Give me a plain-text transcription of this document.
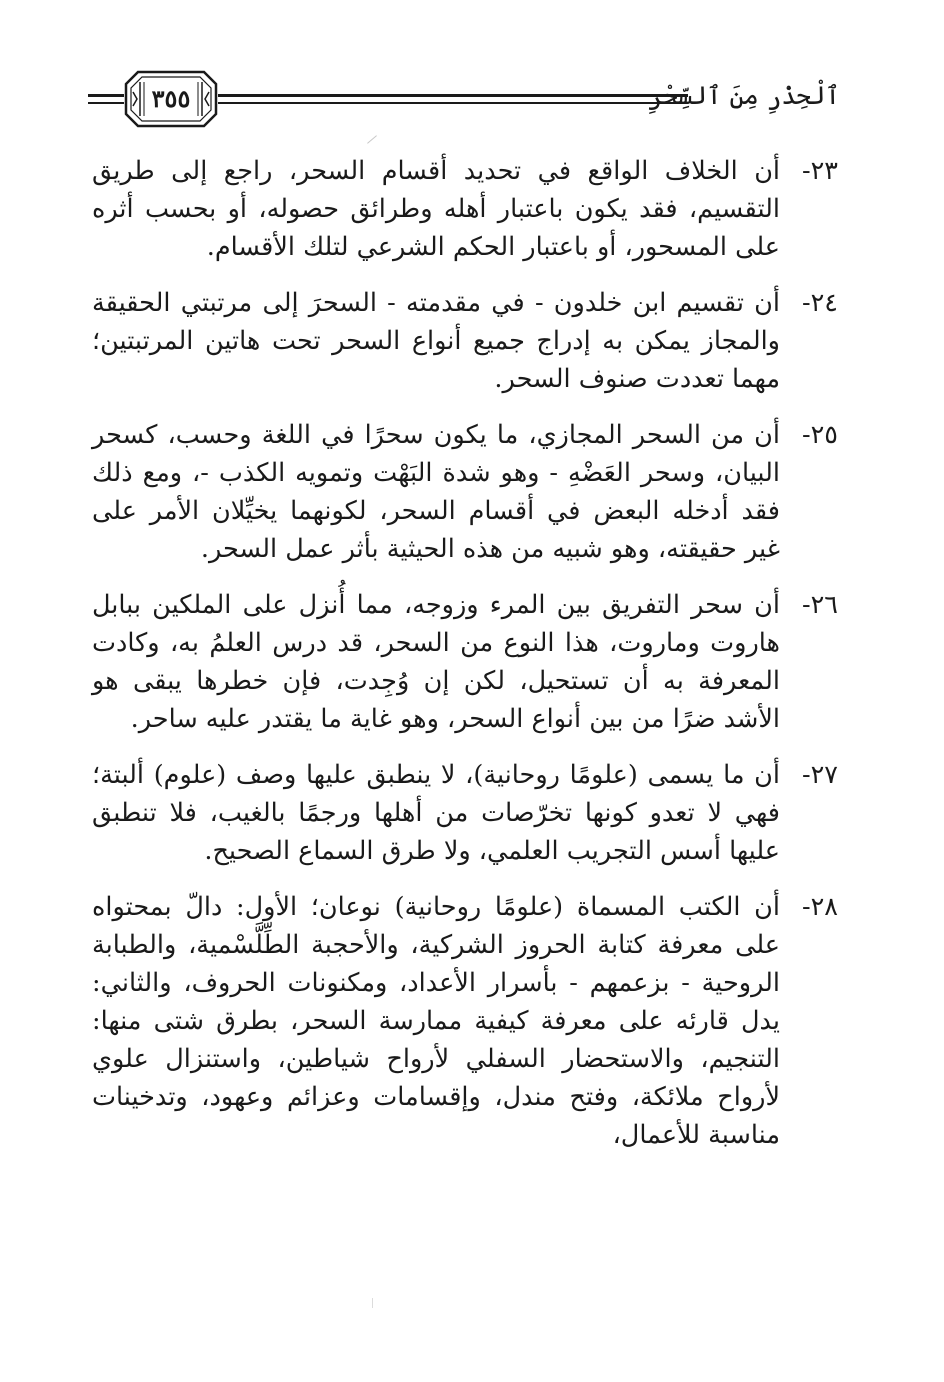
٣٥٥	ٱلْحِذْرِ مِنَ ٱلسِّحْرِ
٢٣-
أن الخلاف الواقع في تحديد أقسام السحر، راجع إلى طريق التقسيم، فقد يكون باعتبار أهله وطرائق حصوله، أو بحسب أثره على المسحور، أو باعتبار الحكم الشرعي لتلك الأقسام.
٢٤-
أن تقسيم ابن خلدون - في مقدمته - السحرَ إلى مرتبتي الحقيقة والمجاز يمكن به إدراج جميع أنواع السحر تحت هاتين المرتبتين؛ مهما تعددت صنوف السحر.
٢٥-
أن من السحر المجازي، ما يكون سحرًا في اللغة وحسب، كسحر البيان، وسحر العَضْهِ - وهو شدة البَهْت وتمويه الكذب -، ومع ذلك فقد أدخله البعض في أقسام السحر، لكونهما يخيِّلان الأمر على غير حقيقته، وهو شبيه من هذه الحيثية بأثر عمل السحر.
٢٦-
أن سحر التفريق بين المرء وزوجه، مما أُنزل على الملكين ببابل هاروت وماروت، هذا النوع من السحر، قد درس العلمُ به، وكادت المعرفة به أن تستحيل، لكن إن وُجِدت، فإن خطرها يبقى هو الأشد ضرًا من بين أنواع السحر، وهو غاية ما يقتدر عليه ساحر.
٢٧-
أن ما يسمى (علومًا روحانية)، لا ينطبق عليها وصف (علوم) ألبتة؛ فهي لا تعدو كونها تخرّصات من أهلها ورجمًا بالغيب، فلا تنطبق عليها أسس التجريب العلمي، ولا طرق السماع الصحيح.
٢٨-
أن الكتب المسماة (علومًا روحانية) نوعان؛ الأول: دالّ بمحتواه على معرفة كتابة الحروز الشركية، والأحجبة الطِّلَّسْمية، والطبابة الروحية - بزعمهم - بأسرار الأعداد، ومكنونات الحروف، والثاني: يدل قارئه على معرفة كيفية ممارسة السحر، بطرق شتى منها: التنجيم، والاستحضار السفلي لأرواح شياطين، واستنزال علوي لأرواح ملائكة، وفتح مندل، وإقسامات وعزائم وعهود، وتدخينات مناسبة للأعمال،
